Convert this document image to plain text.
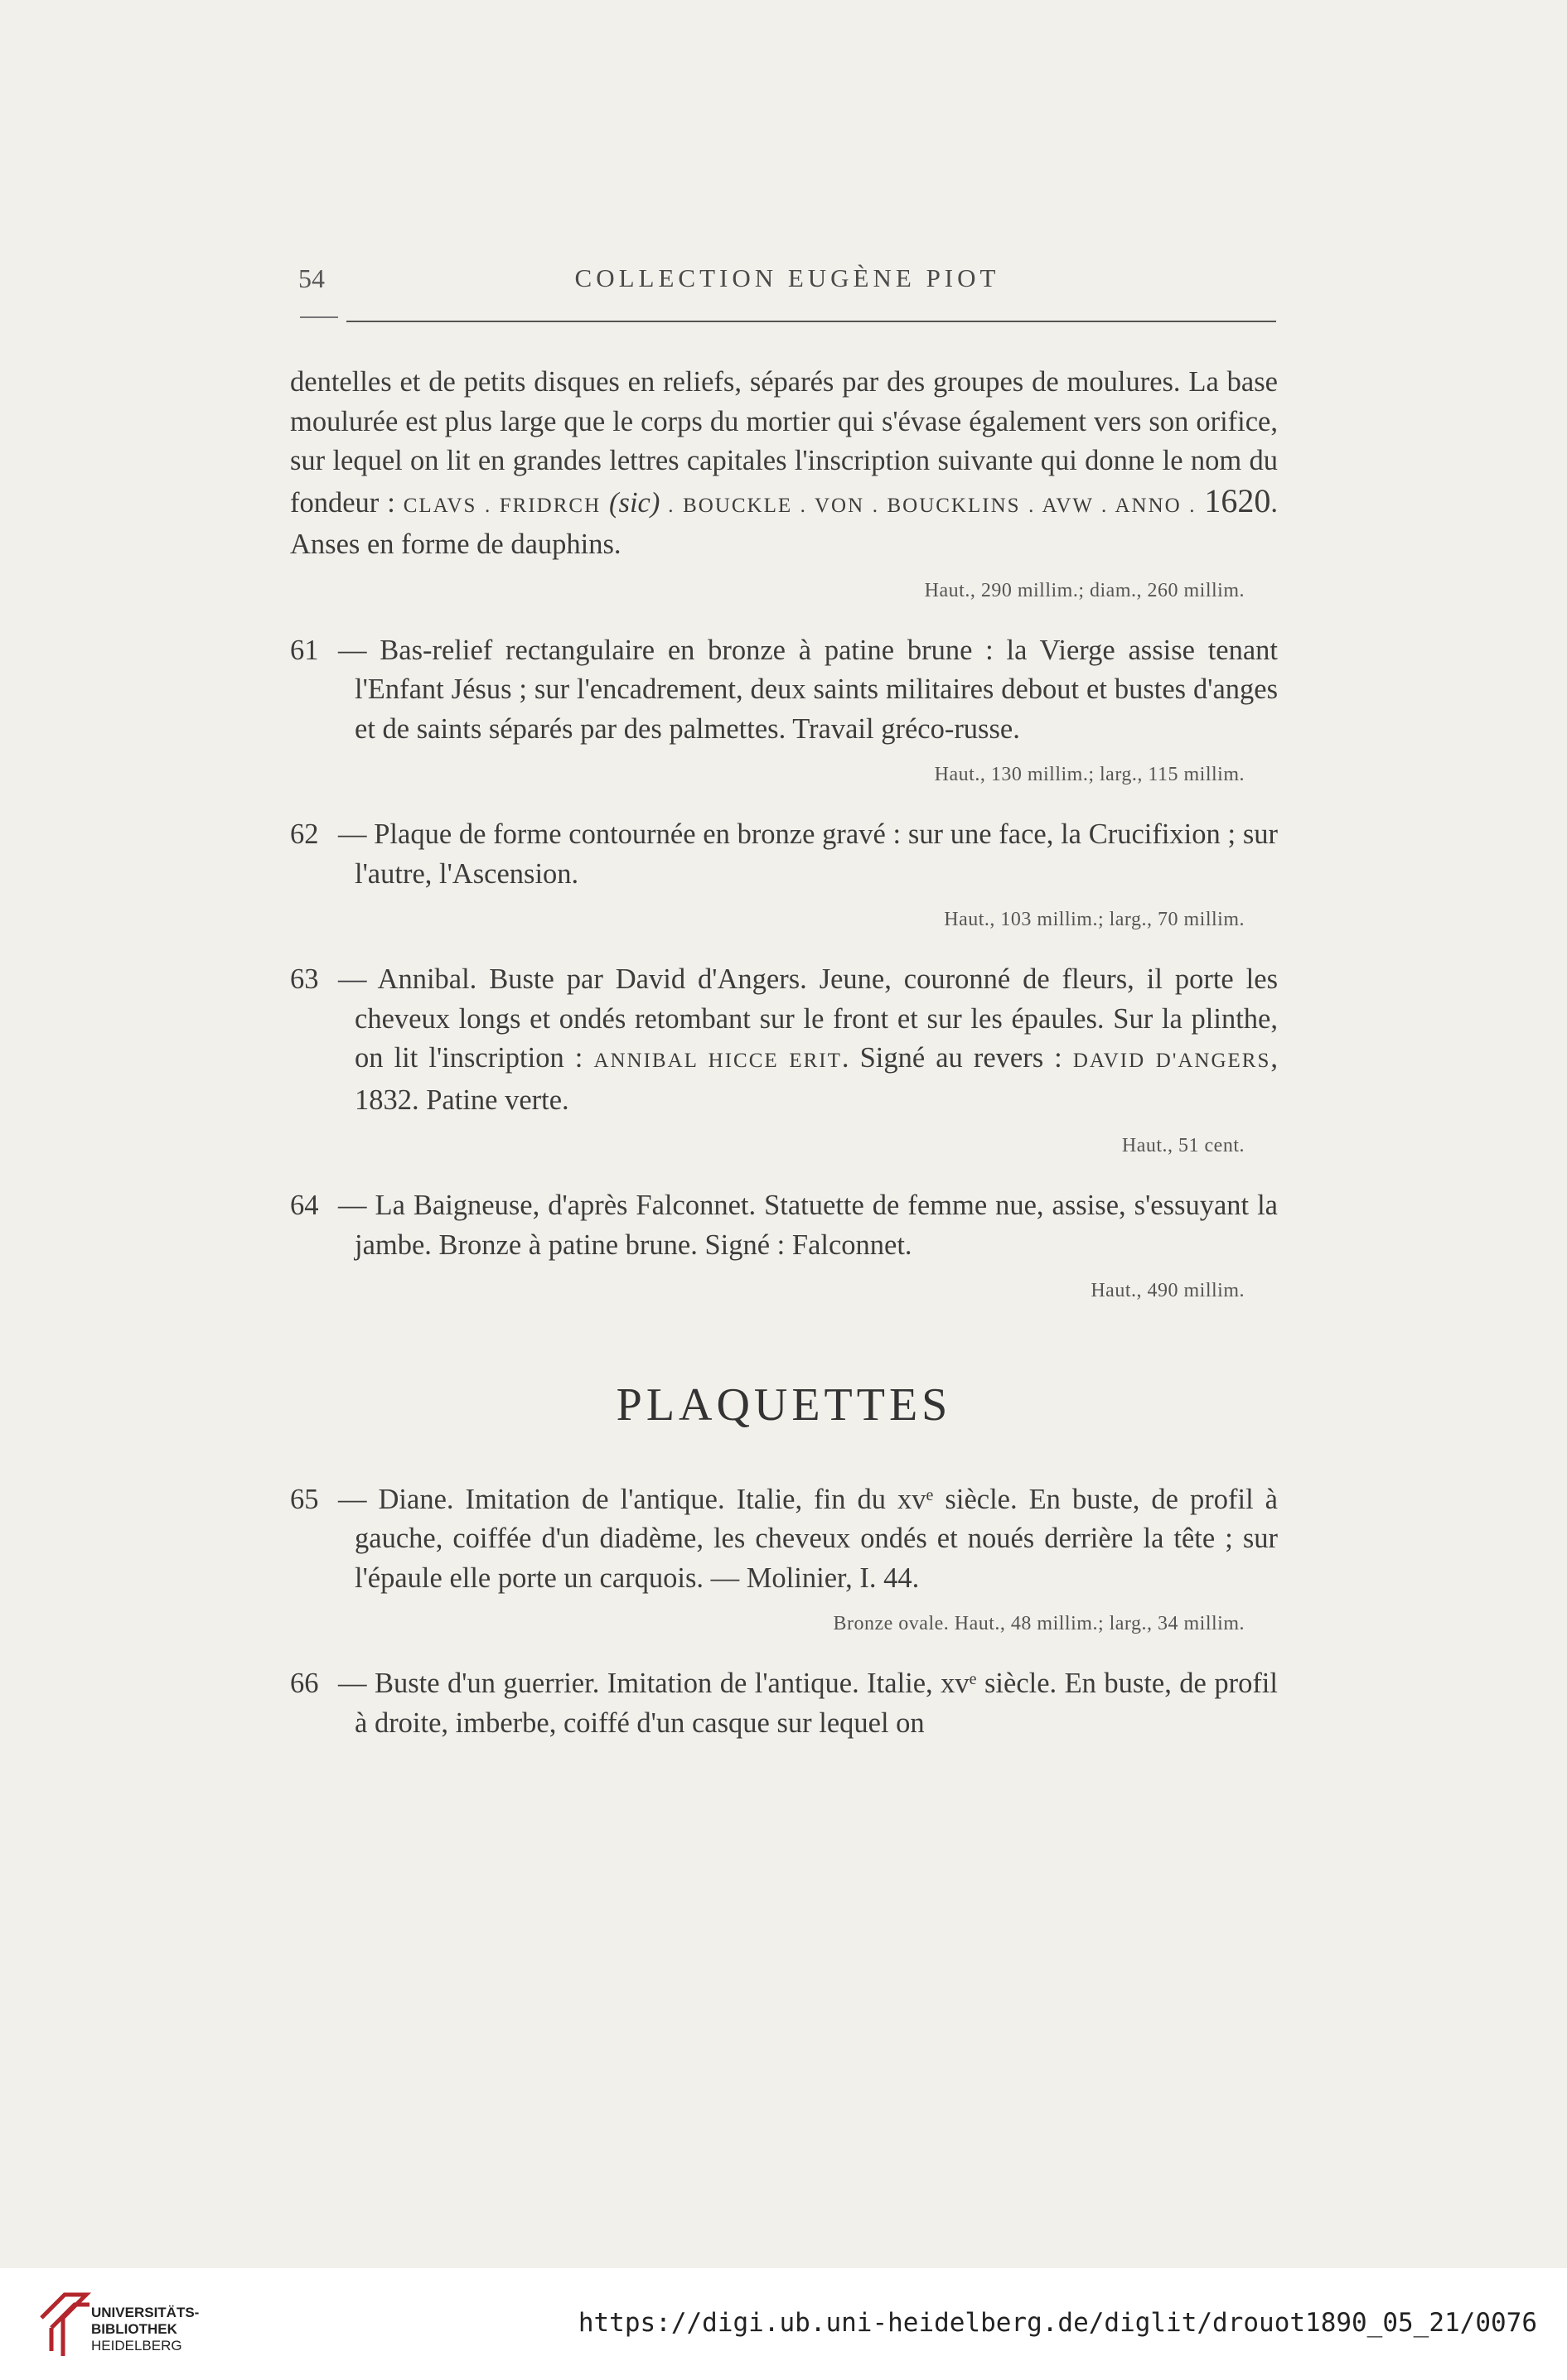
54	COLLECTION EUGÈNE PIOT
dentelles et de petits disques en reliefs, séparés par des groupes de moulures. La base moulurée est plus large que le corps du mortier qui s'évase également vers son orifice, sur lequel on lit en grandes lettres capitales l'inscription suivante qui donne le nom du fondeur : CLAVS . FRIDRCH (sic) . BOUCKLE . VON . BOUCKLINS . AVW . ANNO . 1620. Anses en forme de dauphins.
Haut., 290 millim.; diam., 260 millim.
61 — Bas-relief rectangulaire en bronze à patine brune : la Vierge assise tenant l'Enfant Jésus ; sur l'encadrement, deux saints militaires debout et bustes d'anges et de saints séparés par des palmettes. Travail gréco-russe.
Haut., 130 millim.; larg., 115 millim.
62 — Plaque de forme contournée en bronze gravé : sur une face, la Crucifixion ; sur l'autre, l'Ascension.
Haut., 103 millim.; larg., 70 millim.
63 — Annibal. Buste par David d'Angers. Jeune, couronné de fleurs, il porte les cheveux longs et ondés retombant sur le front et sur les épaules. Sur la plinthe, on lit l'inscription : ANNIBAL HICCE ERIT. Signé au revers : DAVID D'ANGERS, 1832. Patine verte.
Haut., 51 cent.
64 — La Baigneuse, d'après Falconnet. Statuette de femme nue, assise, s'essuyant la jambe. Bronze à patine brune. Signé : Falconnet.
Haut., 490 millim.
PLAQUETTES
65 — Diane. Imitation de l'antique. Italie, fin du $xv^e$ siècle. En buste, de profil à gauche, coiffée d'un diadème, les cheveux ondés et noués derrière la tête ; sur l'épaule elle porte un carquois. — Molinier, I. 44.
Bronze ovale. Haut., 48 millim.; larg., 34 millim.
66 — Buste d'un guerrier. Imitation de l'antique. Italie, $xv^e$ siècle. En buste, de profil à droite, imberbe, coiffé d'un casque sur lequel on
UNIVERSITÄTS-
BIBLIOTHEK
HEIDELBERG
https://digi.ub.uni-heidelberg.de/diglit/drouot1890_05_21/0076
